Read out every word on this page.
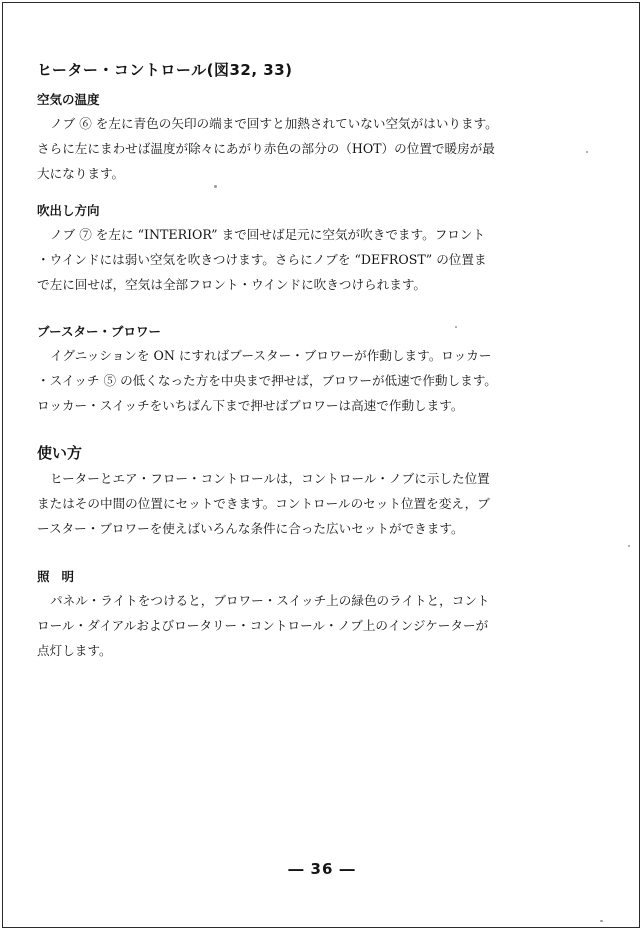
ヒーター・コントロール(図32, 33)
空気の温度
ノブ ⑥ を左に青色の矢印の端まで回すと加熱されていない空気がはいります。
さらに左にまわせば温度が除々にあがり赤色の部分の（HOT）の位置で暖房が最
大になります。
吹出し方向
ノブ ⑦ を左に “INTERIOR” まで回せば足元に空気が吹きでます。フロント
・ウインドには弱い空気を吹きつけます。さらにノブを “DEFROST” の位置ま
で左に回せば，空気は全部フロント・ウインドに吹きつけられます。
ブースター・ブロワー
イグニッションを ON にすればブースター・ブロワーが作動します。ロッカー
・スイッチ ⑤ の低くなった方を中央まで押せば，ブロワーが低速で作動します。
ロッカー・スイッチをいちばん下まで押せばブロワーは高速で作動します。
使い方
ヒーターとエア・フロー・コントロールは，コントロール・ノブに示した位置
またはその中間の位置にセットできます。コントロールのセット位置を変え，ブ
ースター・ブロワーを使えばいろんな条件に合った広いセットができます。
照明
パネル・ライトをつけると，ブロワー・スイッチ上の緑色のライトと，コント
ロール・ダイアルおよびロータリー・コントロール・ノブ上のインジケーターが
点灯します。
― 36 ―
